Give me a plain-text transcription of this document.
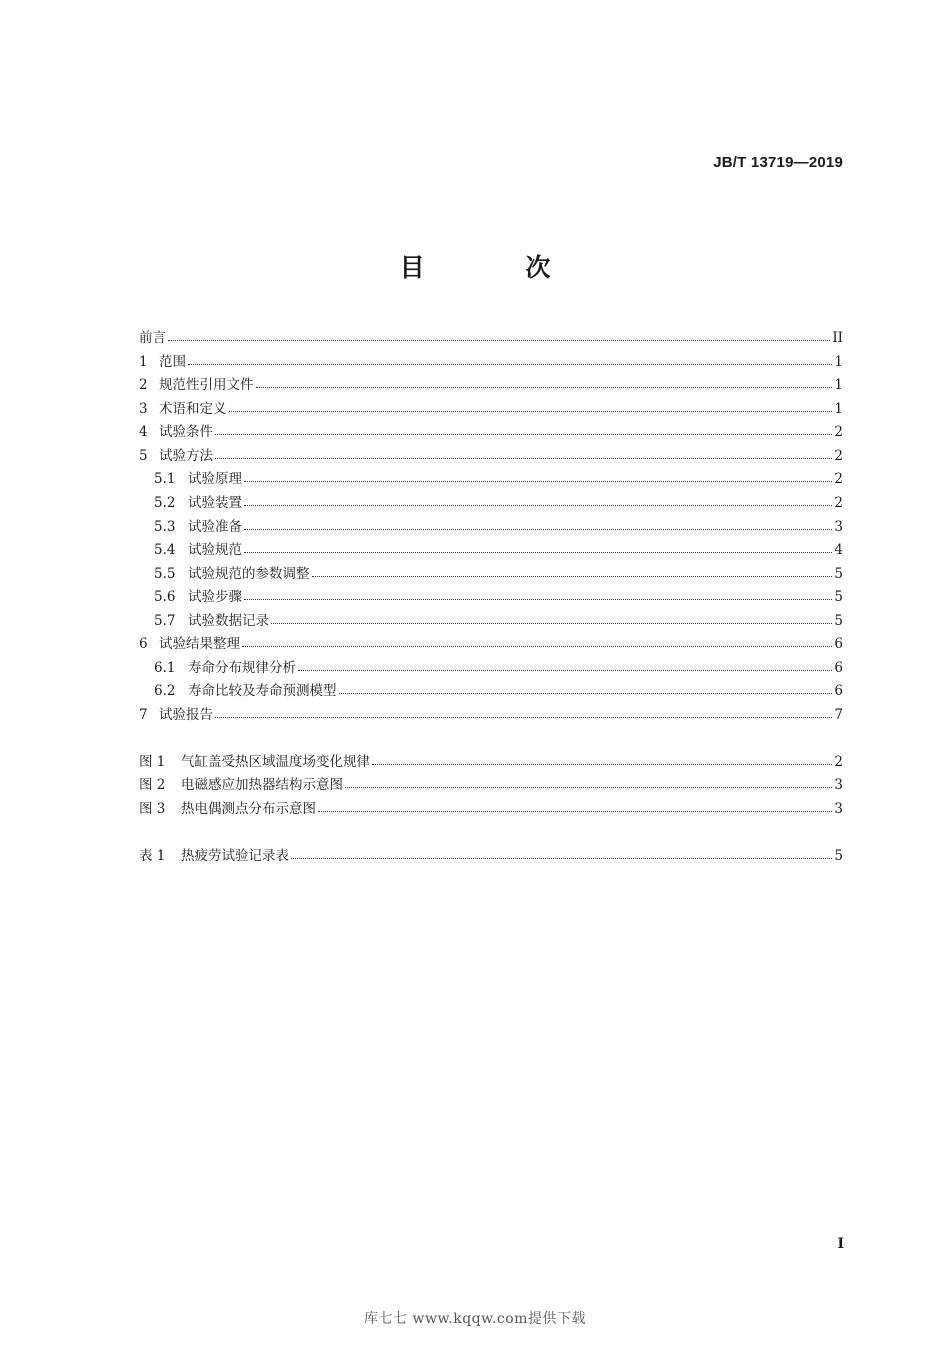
JB/T 13719—2019
目 次
前言	II
1 范围	1
2 规范性引用文件	1
3 术语和定义	1
4 试验条件	2
5 试验方法	2
5.1 试验原理	2
5.2 试验装置	2
5.3 试验准备	3
5.4 试验规范	4
5.5 试验规范的参数调整	5
5.6 试验步骤	5
5.7 试验数据记录	5
6 试验结果整理	6
6.1 寿命分布规律分析	6
6.2 寿命比较及寿命预测模型	6
7 试验报告	7
图 1	气缸盖受热区域温度场变化规律	2
图 2	电磁感应加热器结构示意图	3
图 3	热电偶测点分布示意图	3
表 1	热疲劳试验记录表	5
I
库七七 www.kqqw.com提供下载
